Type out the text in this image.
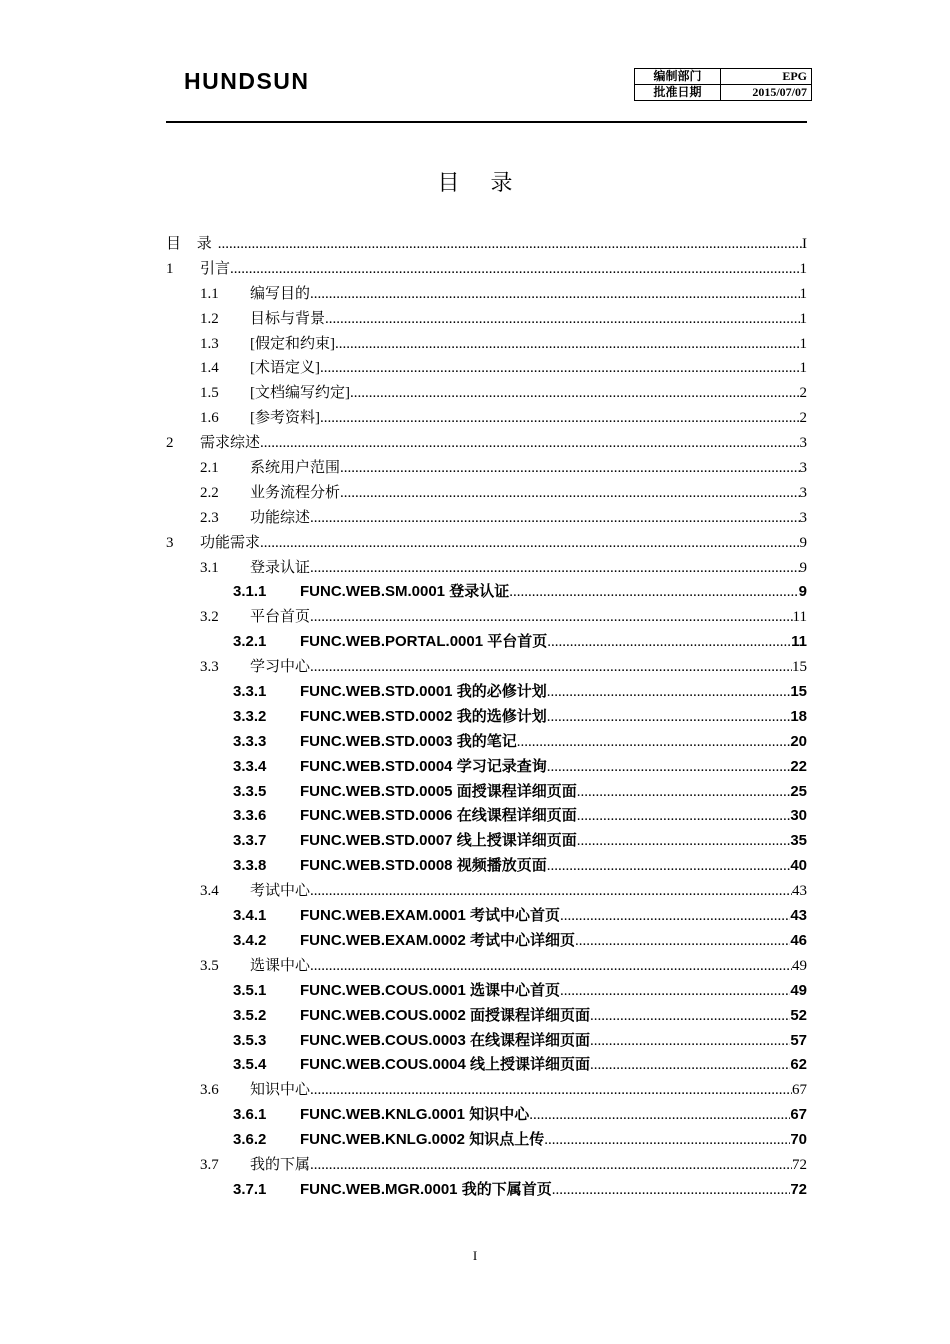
HUNDSUN	编制部门	EPG
批准日期	2015/07/07
目 录
目 录 .....	I
1	引言 .....	1
1.1	编写目的 .....	1
1.2	目标与背景 .....	1
1.3	[假定和约束] .....	1
1.4	[术语定义] .....	1
1.5	[文档编写约定] .....	2
1.6	[参考资料] .....	2
2	需求综述 .....	3
2.1	系统用户范围 .....	3
2.2	业务流程分析 .....	3
2.3	功能综述 .....	3
3	功能需求 .....	9
3.1	登录认证 .....	9
3.1.1	FUNC.WEB.SM.0001 登录认证 .....	9
3.2	平台首页 .....	11
3.2.1	FUNC.WEB.PORTAL.0001 平台首页 .....	11
3.3	学习中心 .....	15
3.3.1	FUNC.WEB.STD.0001 我的必修计划 .....	15
3.3.2	FUNC.WEB.STD.0002 我的选修计划 .....	18
3.3.3	FUNC.WEB.STD.0003 我的笔记 .....	20
3.3.4	FUNC.WEB.STD.0004 学习记录查询 .....	22
3.3.5	FUNC.WEB.STD.0005 面授课程详细页面 .....	25
3.3.6	FUNC.WEB.STD.0006 在线课程详细页面 .....	30
3.3.7	FUNC.WEB.STD.0007 线上授课详细页面 .....	35
3.3.8	FUNC.WEB.STD.0008 视频播放页面 .....	40
3.4	考试中心 .....	43
3.4.1	FUNC.WEB.EXAM.0001 考试中心首页 .....	43
3.4.2	FUNC.WEB.EXAM.0002 考试中心详细页 .....	46
3.5	选课中心 .....	49
3.5.1	FUNC.WEB.COUS.0001 选课中心首页 .....	49
3.5.2	FUNC.WEB.COUS.0002 面授课程详细页面 .....	52
3.5.3	FUNC.WEB.COUS.0003 在线课程详细页面 .....	57
3.5.4	FUNC.WEB.COUS.0004 线上授课详细页面 .....	62
3.6	知识中心 .....	67
3.6.1	FUNC.WEB.KNLG.0001 知识中心 .....	67
3.6.2	FUNC.WEB.KNLG.0002 知识点上传 .....	70
3.7	我的下属 .....	72
3.7.1	FUNC.WEB.MGR.0001 我的下属首页 .....	72
I
